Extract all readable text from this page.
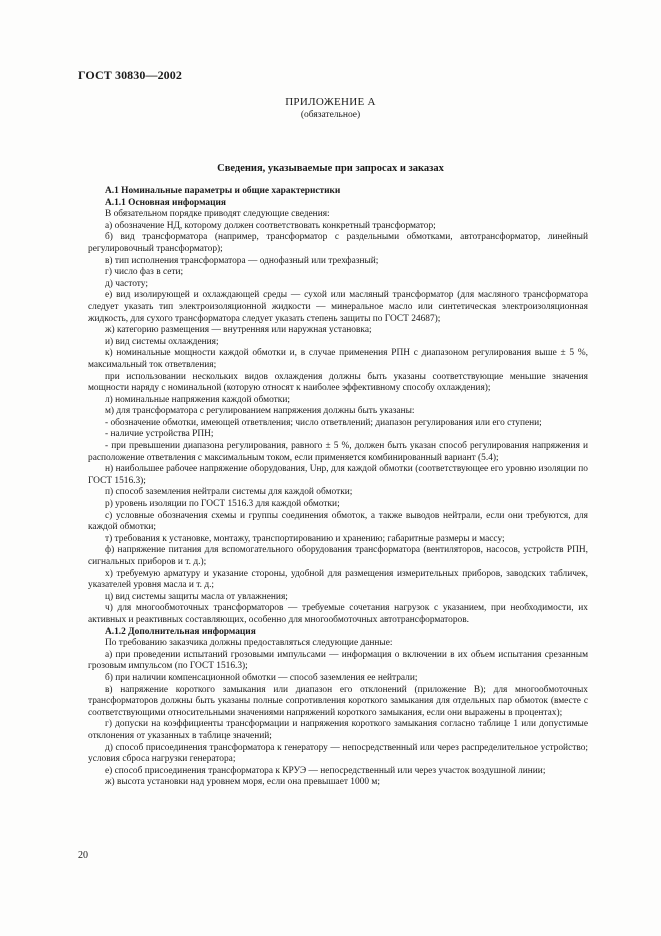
ГОСТ 30830—2002
ПРИЛОЖЕНИЕ А
(обязательное)
Сведения, указываемые при запросах и заказах

А.1 Номинальные параметры и общие характеристики

А.1.1 Основная информация

В обязательном порядке приводят следующие сведения:

а) обозначение НД, которому должен соответствовать конкретный трансформатор;

б) вид трансформатора (например, трансформатор с раздельными обмотками, автотрансформатор, линейный регулировочный трансформатор);

в) тип исполнения трансформатора — однофазный или трехфазный;

г) число фаз в сети;

д) частоту;

е) вид изолирующей и охлаждающей среды — сухой или масляный трансформатор (для масляного трансформатора следует указать тип электроизоляционной жидкости — минеральное масло или синтетическая электроизоляционная жидкость, для сухого трансформатора следует указать степень защиты по ГОСТ 24687);

ж) категорию размещения — внутренняя или наружная установка;

и) вид системы охлаждения;

к) номинальные мощности каждой обмотки и, в случае применения РПН с диапазоном регулирования выше ± 5 %, максимальный ток ответвления;

при использовании нескольких видов охлаждения должны быть указаны соответствующие меньшие значения мощности наряду с номинальной (которую относят к наиболее эффективному способу охлаждения);

л) номинальные напряжения каждой обмотки;

м) для трансформатора с регулированием напряжения должны быть указаны:

- обозначение обмотки, имеющей ответвления; число ответвлений; диапазон регулирования или его ступени;

- наличие устройства РПН;

- при превышении диапазона регулирования, равного ± 5 %, должен быть указан способ регулирования напряжения и расположение ответвления с максимальным током, если применяется комбинированный вариант (5.4);

н) наибольшее рабочее напряжение оборудования, Uнр, для каждой обмотки (соответствующее его уровню изоляции по ГОСТ 1516.3);

п) способ заземления нейтрали системы для каждой обмотки;

р) уровень изоляции по ГОСТ 1516.3 для каждой обмотки;

с) условные обозначения схемы и группы соединения обмоток, а также выводов нейтрали, если они требуются, для каждой обмотки;

т) требования к установке, монтажу, транспортированию и хранению; габаритные размеры и массу;

ф) напряжение питания для вспомогательного оборудования трансформатора (вентиляторов, насосов, устройств РПН, сигнальных приборов и т. д.);

х) требуемую арматуру и указание стороны, удобной для размещения измерительных приборов, заводских табличек, указателей уровня масла и т. д.;

ц) вид системы защиты масла от увлажнения;

ч) для многообмоточных трансформаторов — требуемые сочетания нагрузок с указанием, при необходимости, их активных и реактивных составляющих, особенно для многообмоточных автотрансформаторов.

А.1.2 Дополнительная информация

По требованию заказчика должны предоставляться следующие данные:

а) при проведении испытаний грозовыми импульсами — информация о включении в их объем испытания срезанным грозовым импульсом (по ГОСТ 1516.3);

б) при наличии компенсационной обмотки — способ заземления ее нейтрали;

в) напряжение короткого замыкания или диапазон его отклонений (приложение В); для многообмоточных трансформаторов должны быть указаны полные сопротивления короткого замыкания для отдельных пар обмоток (вместе с соответствующими относительными значениями напряжений короткого замыкания, если они выражены в процентах);

г) допуски на коэффициенты трансформации и напряжения короткого замыкания согласно таблице 1 или допустимые отклонения от указанных в таблице значений;

д) способ присоединения трансформатора к генератору — непосредственный или через распределительное устройство; условия сброса нагрузки генератора;

е) способ присоединения трансформатора к КРУЭ — непосредственный или через участок воздушной линии;

ж) высота установки над уровнем моря, если она превышает 1000 м;

20
